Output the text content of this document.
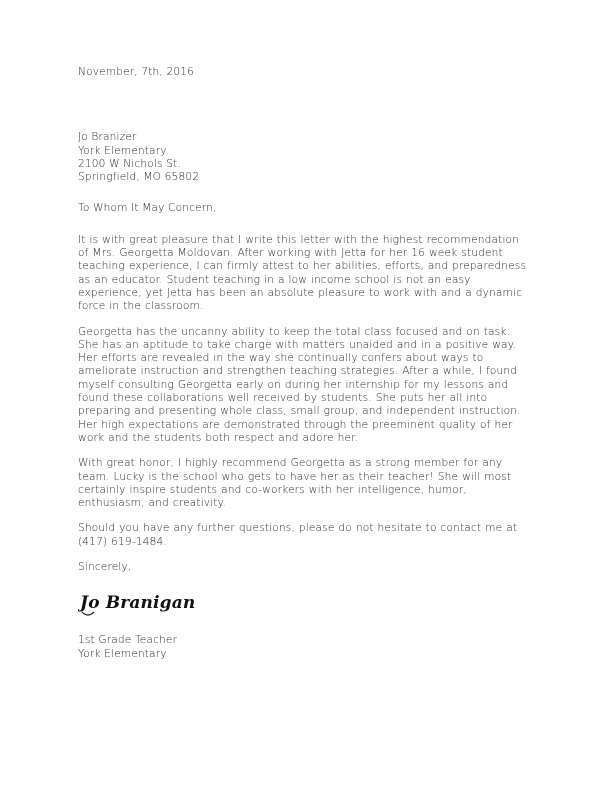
November, 7th, 2016
Jo Branizer
York Elementary
2100 W Nichols St.
Springfield, MO 65802
To Whom It May Concern,

It is with great pleasure that I write this letter with the highest recommendation of Mrs. Georgetta Moldovan. After working with Jetta for her 16 week student teaching experience, I can firmly attest to her abilities, efforts, and preparedness as an educator. Student teaching in a low income school is not an easy experience, yet Jetta has been an absolute pleasure to work with and a dynamic force in the classroom.

Georgetta has the uncanny ability to keep the total class focused and on task. She has an aptitude to take charge with matters unaided and in a positive way. Her efforts are revealed in the way she continually confers about ways to ameliorate instruction and strengthen teaching strategies. After a while, I found myself consulting Georgetta early on during her internship for my lessons and found these collaborations well received by students. She puts her all into preparing and presenting whole class, small group, and independent instruction. Her high expectations are demonstrated through the preeminent quality of her work and the students both respect and adore her.

With great honor, I highly recommend Georgetta as a strong member for any team. Lucky is the school who gets to have her as their teacher! She will most certainly inspire students and co-workers with her intelligence, humor, enthusiasm, and creativity.

Should you have any further questions, please do not hesitate to contact me at (417) 619-1484.

Sincerely,
Jo Branigan
1st Grade Teacher
York Elementary
